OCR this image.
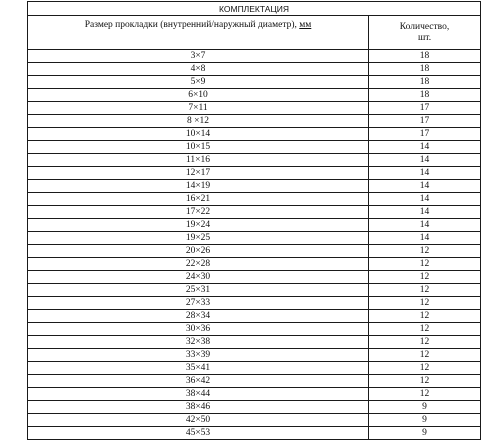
КОМПЛЕКТАЦИЯ	
Размер прокладки (внутренний/наружный диаметр), мм	Количество,
шт.
3×7	18
4×8	18
5×9	18
6×10	18
7×11	17
8 ×12	17
10×14	17
10×15	14
11×16	14
12×17	14
14×19	14
16×21	14
17×22	14
19×24	14
19×25	14
20×26	12
22×28	12
24×30	12
25×31	12
27×33	12
28×34	12
30×36	12
32×38	12
33×39	12
35×41	12
36×42	12
38×44	12
38×46	9
42×50	9
45×53	9
